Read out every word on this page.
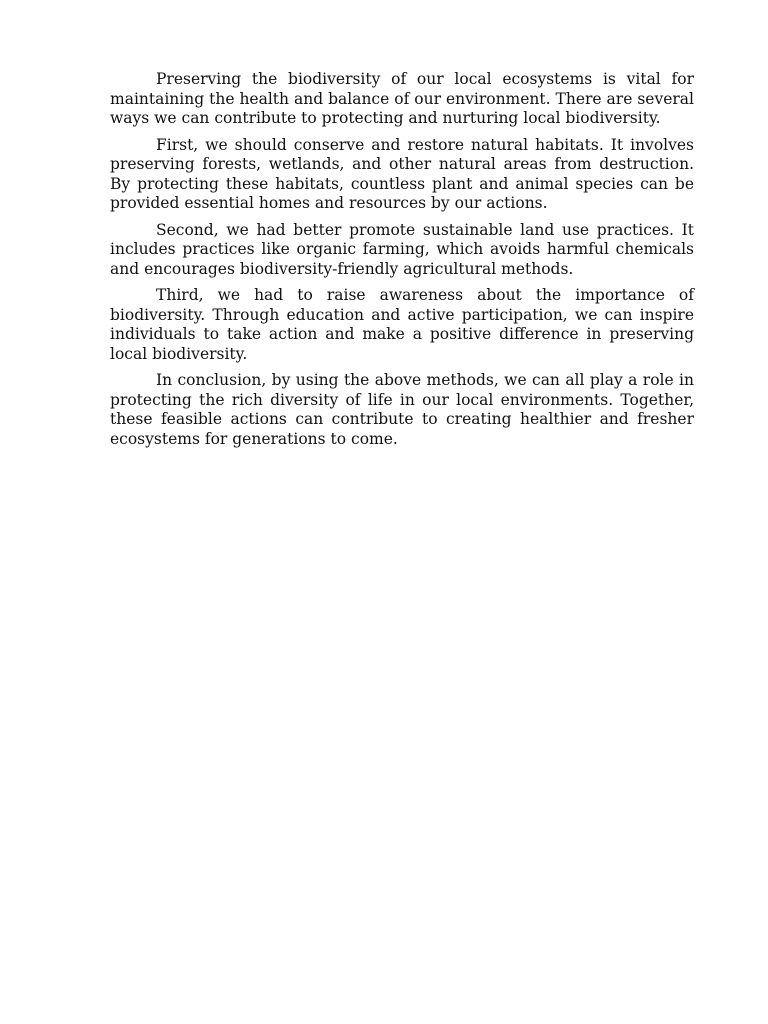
Preserving the biodiversity of our local ecosystems is vital for maintaining the health and balance of our environment. There are several ways we can contribute to protecting and nurturing local biodiversity.

First, we should conserve and restore natural habitats. It involves preserving forests, wetlands, and other natural areas from destruction. By protecting these habitats, countless plant and animal species can be provided essential homes and resources by our actions.

Second, we had better promote sustainable land use practices. It includes practices like organic farming, which avoids harmful chemicals and encourages biodiversity-friendly agricultural methods.

Third, we had to raise awareness about the importance of biodiversity. Through education and active participation, we can inspire individuals to take action and make a positive difference in preserving local biodiversity.

In conclusion, by using the above methods, we can all play a role in protecting the rich diversity of life in our local environments. Together, these feasible actions can contribute to creating healthier and fresher ecosystems for generations to come.
